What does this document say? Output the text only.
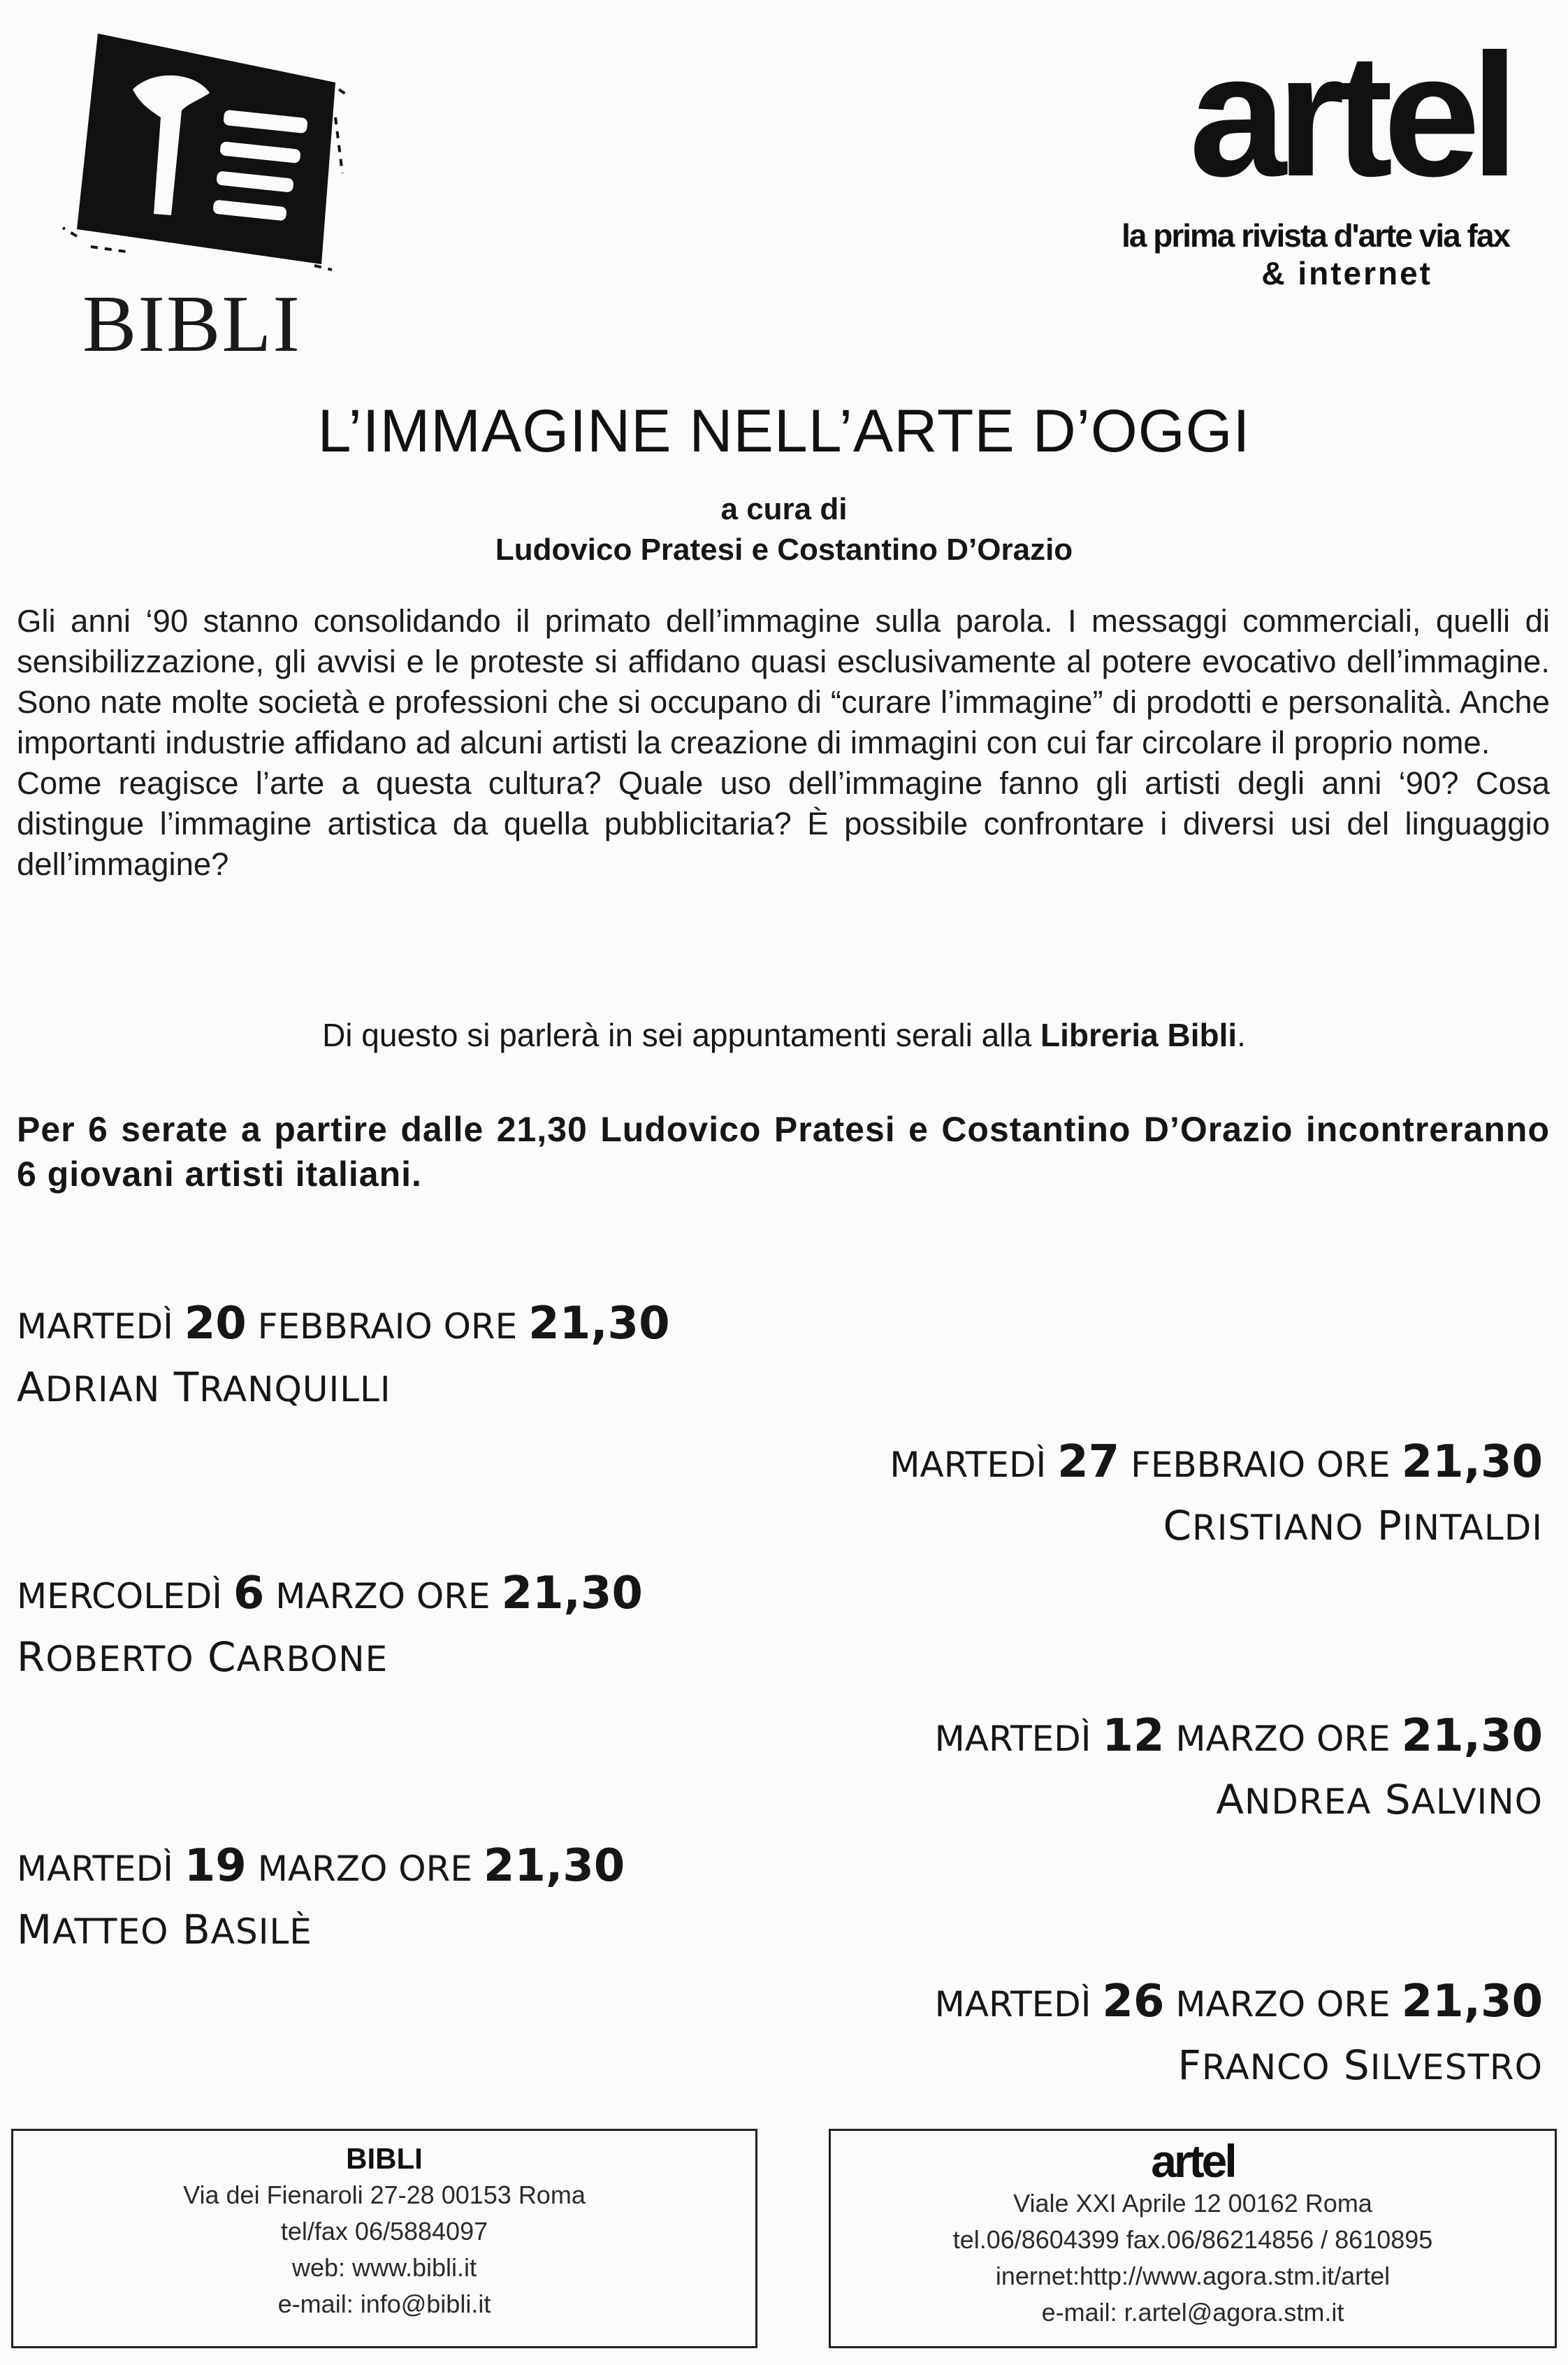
BIBLI
artel
la prima rivista d'arte via fax
& internet
L’IMMAGINE NELL’ARTE D’OGGI
a cura di
Ludovico Pratesi e Costantino D’Orazio

Gli anni ‘90 stanno consolidando il primato dell’immagine sulla parola. I messaggi commerciali, quelli di sensibilizzazione, gli avvisi e le proteste si affidano quasi esclusivamente al potere evocativo dell’immagine. Sono nate molte società e professioni che si occupano di “curare l’immagine” di prodotti e personalità. Anche importanti industrie affidano ad alcuni artisti la creazione di immagini con cui far circolare il proprio nome.

Come reagisce l’arte a questa cultura? Quale uso dell’immagine fanno gli artisti degli anni ‘90? Cosa distingue l’immagine artistica da quella pubblicitaria? È possibile confrontare i diversi usi del linguaggio dell’immagine?

Di questo si parlerà in sei appuntamenti serali alla Libreria Bibli.
Per 6 serate a partire dalle 21,30 Ludovico Pratesi e Costantino D’Orazio incontreranno 6 giovani artisti italiani.
MARTEDÌ 20 FEBBRAIO ORE 21,30
ADRIAN TRANQUILLI
MARTEDÌ 27 FEBBRAIO ORE 21,30
CRISTIANO PINTALDI
MERCOLEDÌ 6 MARZO ORE 21,30
ROBERTO CARBONE
MARTEDÌ 12 MARZO ORE 21,30
ANDREA SALVINO
MARTEDÌ 19 MARZO ORE 21,30
MATTEO BASILÈ
MARTEDÌ 26 MARZO ORE 21,30
FRANCO SILVESTRO
BIBLI
Via dei Fienaroli 27-28 00153 Roma
tel/fax 06/5884097
web: www.bibli.it
e-mail: info@bibli.it
artel
Viale XXI Aprile 12 00162 Roma
tel.06/8604399 fax.06/86214856 / 8610895
inernet:http://www.agora.stm.it/artel
e-mail: r.artel@agora.stm.it
